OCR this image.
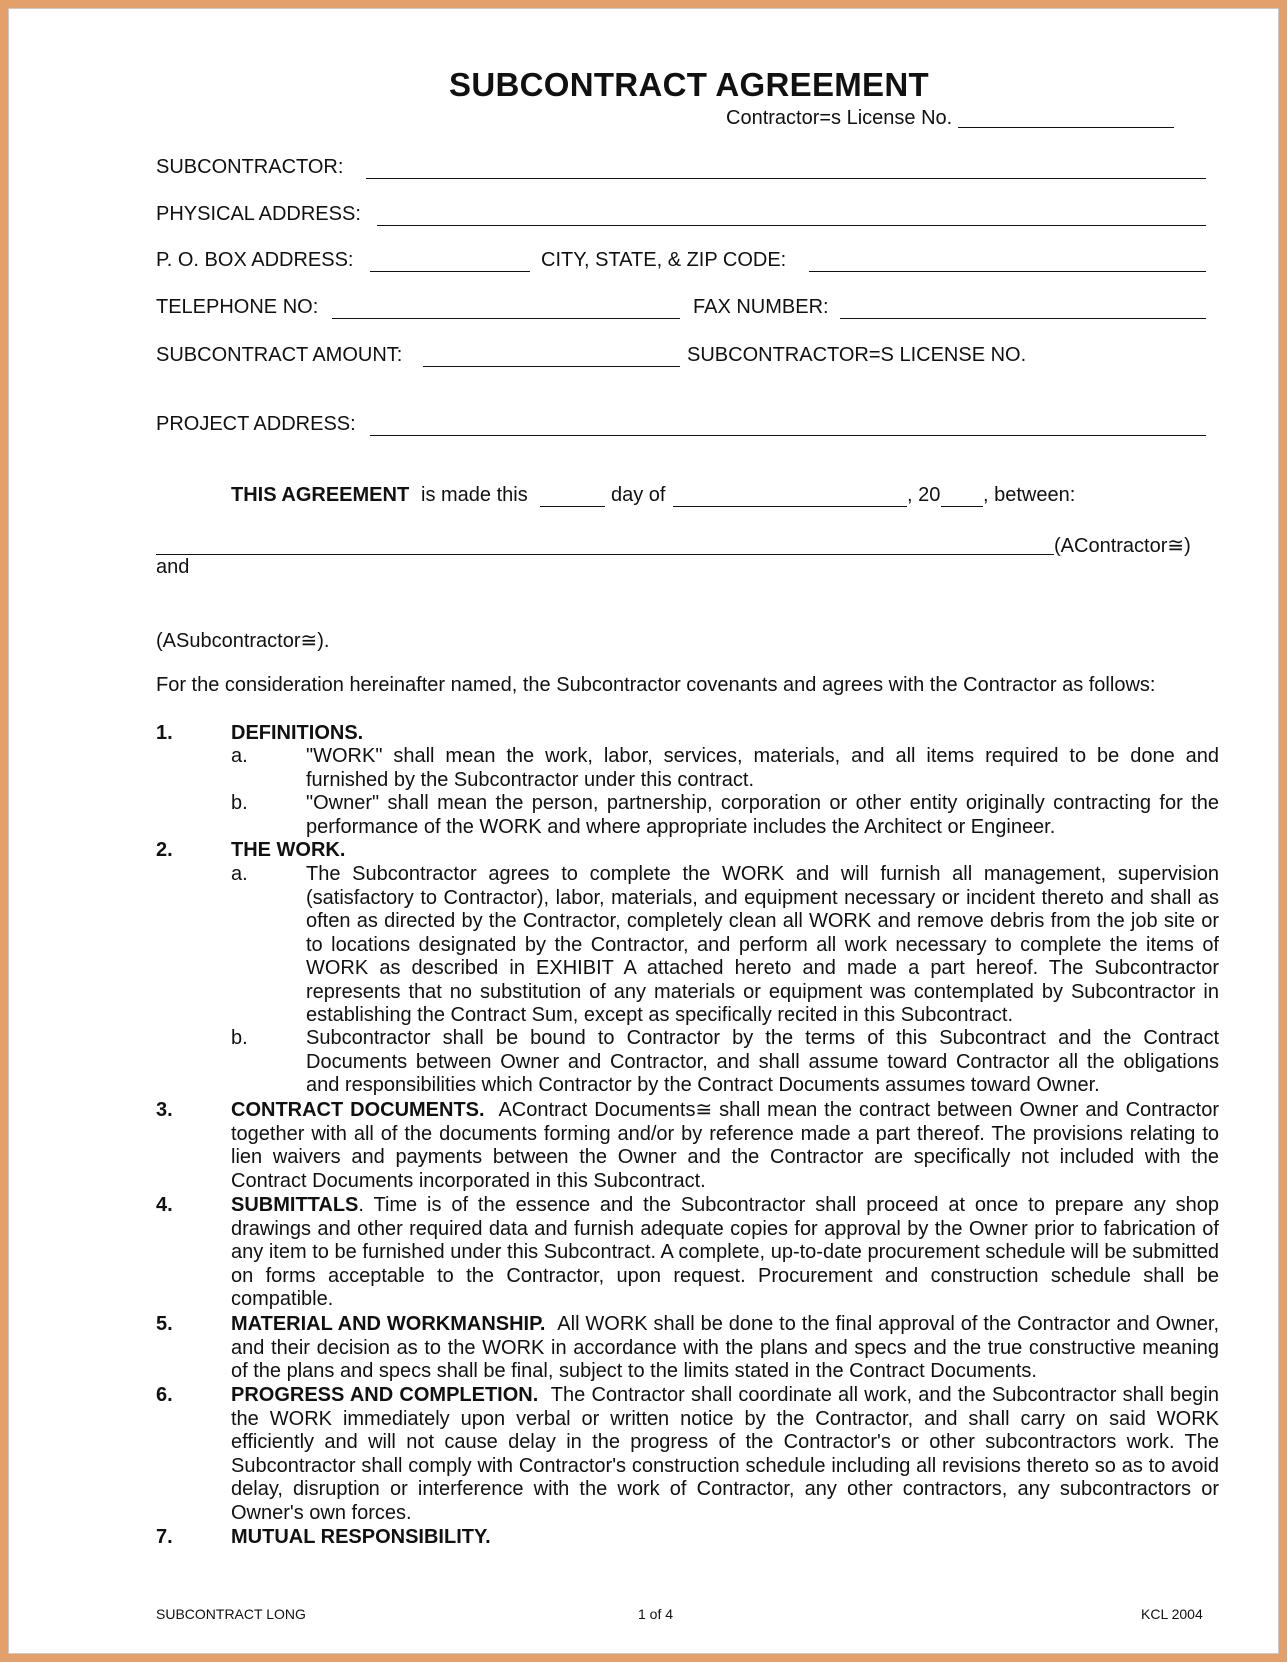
SUBCONTRACT AGREEMENT
Contractor=s License No.
SUBCONTRACTOR:
PHYSICAL ADDRESS:
P. O. BOX ADDRESS:	CITY, STATE, & ZIP CODE:
TELEPHONE NO:	FAX NUMBER:
SUBCONTRACT AMOUNT:	SUBCONTRACTOR=S LICENSE NO.
PROJECT ADDRESS:
THIS AGREEMENT is made this	day of	, 20 , between:
(AContractor≅)
and
(ASubcontractor≅).
For the consideration hereinafter named, the Subcontractor covenants and agrees with the Contractor as follows:
1.	DEFINITIONS.
a.	"WORK" shall mean the work, labor, services, materials, and all items required to be done and furnished by the Subcontractor under this contract.
b.	"Owner" shall mean the person, partnership, corporation or other entity originally contracting for the performance of the WORK and where appropriate includes the Architect or Engineer.
2.	THE WORK.
a.	The Subcontractor agrees to complete the WORK and will furnish all management, supervision (satisfactory to Contractor), labor, materials, and equipment necessary or incident thereto and shall as often as directed by the Contractor, completely clean all WORK and remove debris from the job site or to locations designated by the Contractor, and perform all work necessary to complete the items of WORK as described in EXHIBIT A attached hereto and made a part hereof. The Subcontractor represents that no substitution of any materials or equipment was contemplated by Subcontractor in establishing the Contract Sum, except as specifically recited in this Subcontract.
b.	Subcontractor shall be bound to Contractor by the terms of this Subcontract and the Contract Documents between Owner and Contractor, and shall assume toward Contractor all the obligations and responsibilities which Contractor by the Contract Documents assumes toward Owner.
3.	CONTRACT DOCUMENTS. AContract Documents≅ shall mean the contract between Owner and Contractor together with all of the documents forming and/or by reference made a part thereof. The provisions relating to lien waivers and payments between the Owner and the Contractor are specifically not included with the Contract Documents incorporated in this Subcontract.
4.	SUBMITTALS. Time is of the essence and the Subcontractor shall proceed at once to prepare any shop drawings and other required data and furnish adequate copies for approval by the Owner prior to fabrication of any item to be furnished under this Subcontract. A complete, up-to-date procurement schedule will be submitted on forms acceptable to the Contractor, upon request. Procurement and construction schedule shall be compatible.
5.	MATERIAL AND WORKMANSHIP. All WORK shall be done to the final approval of the Contractor and Owner, and their decision as to the WORK in accordance with the plans and specs and the true constructive meaning of the plans and specs shall be final, subject to the limits stated in the Contract Documents.
6.	PROGRESS AND COMPLETION. The Contractor shall coordinate all work, and the Subcontractor shall begin the WORK immediately upon verbal or written notice by the Contractor, and shall carry on said WORK efficiently and will not cause delay in the progress of the Contractor's or other subcontractors work. The Subcontractor shall comply with Contractor's construction schedule including all revisions thereto so as to avoid delay, disruption or interference with the work of Contractor, any other contractors, any subcontractors or Owner's own forces.
7.	MUTUAL RESPONSIBILITY.
SUBCONTRACT LONG	1 of 4	KCL 2004
